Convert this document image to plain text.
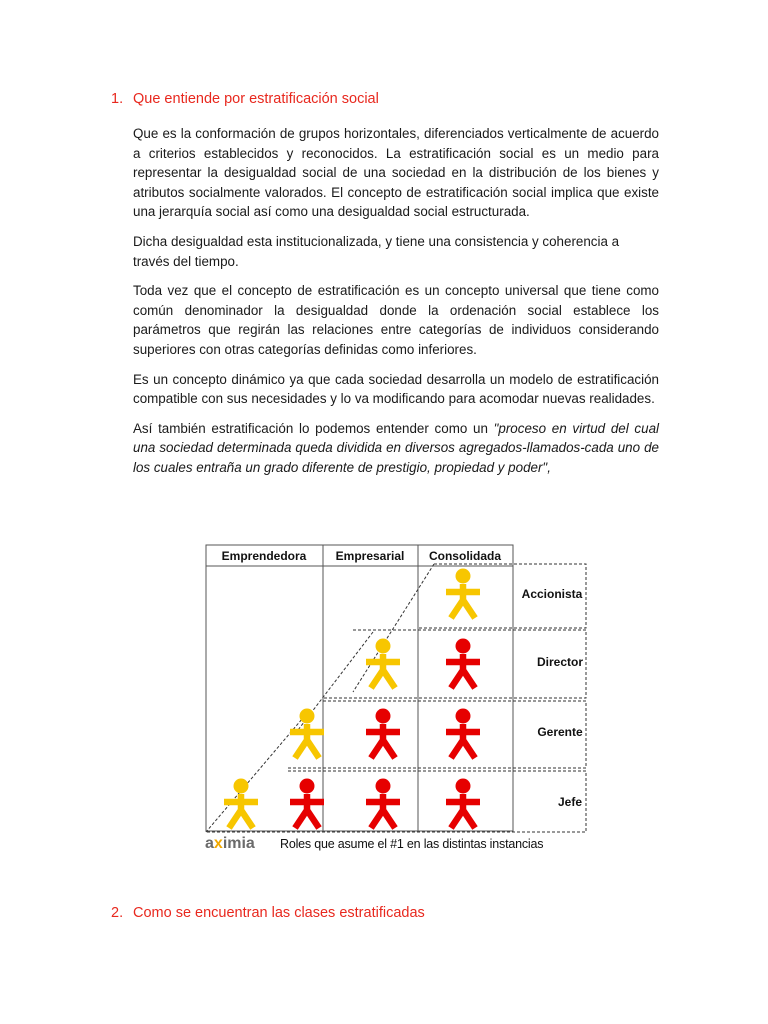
1. Que entiende por estratificación social

Que es la conformación de grupos horizontales, diferenciados verticalmente de acuerdo a criterios establecidos y reconocidos. La estratificación social es un medio para representar la desigualdad social de una sociedad en la distribución de los bienes y atributos socialmente valorados. El concepto de estratificación social implica que existe una jerarquía social así como una desigualdad social estructurada.

Dicha desigualdad esta institucionalizada, y tiene una consistencia y coherencia a través del tiempo.

Toda vez que el concepto de estratificación es un concepto universal que tiene como común denominador la desigualdad donde la ordenación social establece los parámetros que regirán las relaciones entre categorías de individuos considerando superiores con otras categorías definidas como inferiores.

Es un concepto dinámico ya que cada sociedad desarrolla un modelo de estratificación compatible con sus necesidades y lo va modificando para acomodar nuevas realidades.

Así también estratificación lo podemos entender como un "proceso en virtud del cual una sociedad determinada queda dividida en diversos agregados-llamados-cada uno de los cuales entraña un grado diferente de prestigio, propiedad y poder",

Emprendedora Empresarial Consolidada
Accionista
Director
Gerente
Jefe
aximia Roles que asume el #1 en las distintas instancias
2. Como se encuentran las clases estratificadas
